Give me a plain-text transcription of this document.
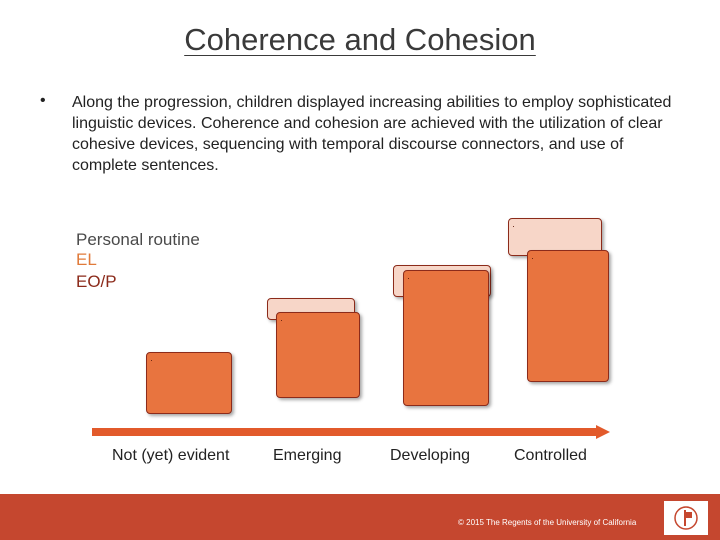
Coherence and Cohesion
• Along the progression, children displayed increasing abilities to employ sophisticated linguistic devices. Coherence and cohesion are achieved with the utilization of clear cohesive devices, sequencing with temporal discourse connectors, and use of complete sentences.
Personal routine
EL
EO/P

Not (yet) evident	Emerging	Developing	Controlled
© 2015 The Regents of the University of California
